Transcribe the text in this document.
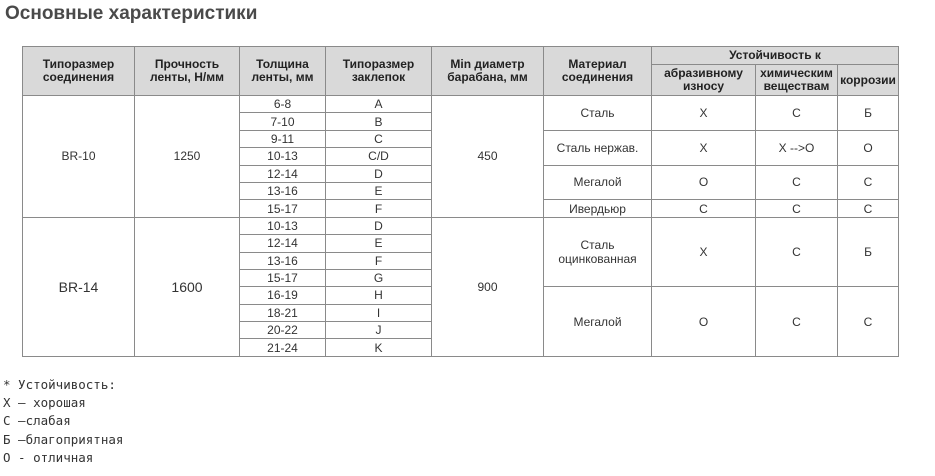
Основные характеристики
Типоразмер соединения	Прочность ленты, Н/мм	Толщина ленты, мм	Типоразмер заклепок	Min диаметр барабана, мм	Материал соединения	Устойчивость к		
						абразивному износу	химическим веществам	коррозии
BR-10	1250	6-8	A	450	Сталь	X	C	Б
		7-10	B					
		9-11	C		Сталь нержав.	X	X -->O	O
		10-13	C/D					
		12-14	D		Мегалой	O	C	C
		13-16	E					
		15-17	F		Ивердьюр	C	C	C
BR-14	1600	10-13	D	900	Сталь оцинкованная	X	C	Б
		12-14	E					
		13-16	F					
		15-17	G					
		16-19	H		Мегалой	O	C	C
		18-21	I					
		20-22	J					
		21-24	K					
* Устойчивость:
X – хорошая
C –слабая
Б –благоприятная
O - отличная
